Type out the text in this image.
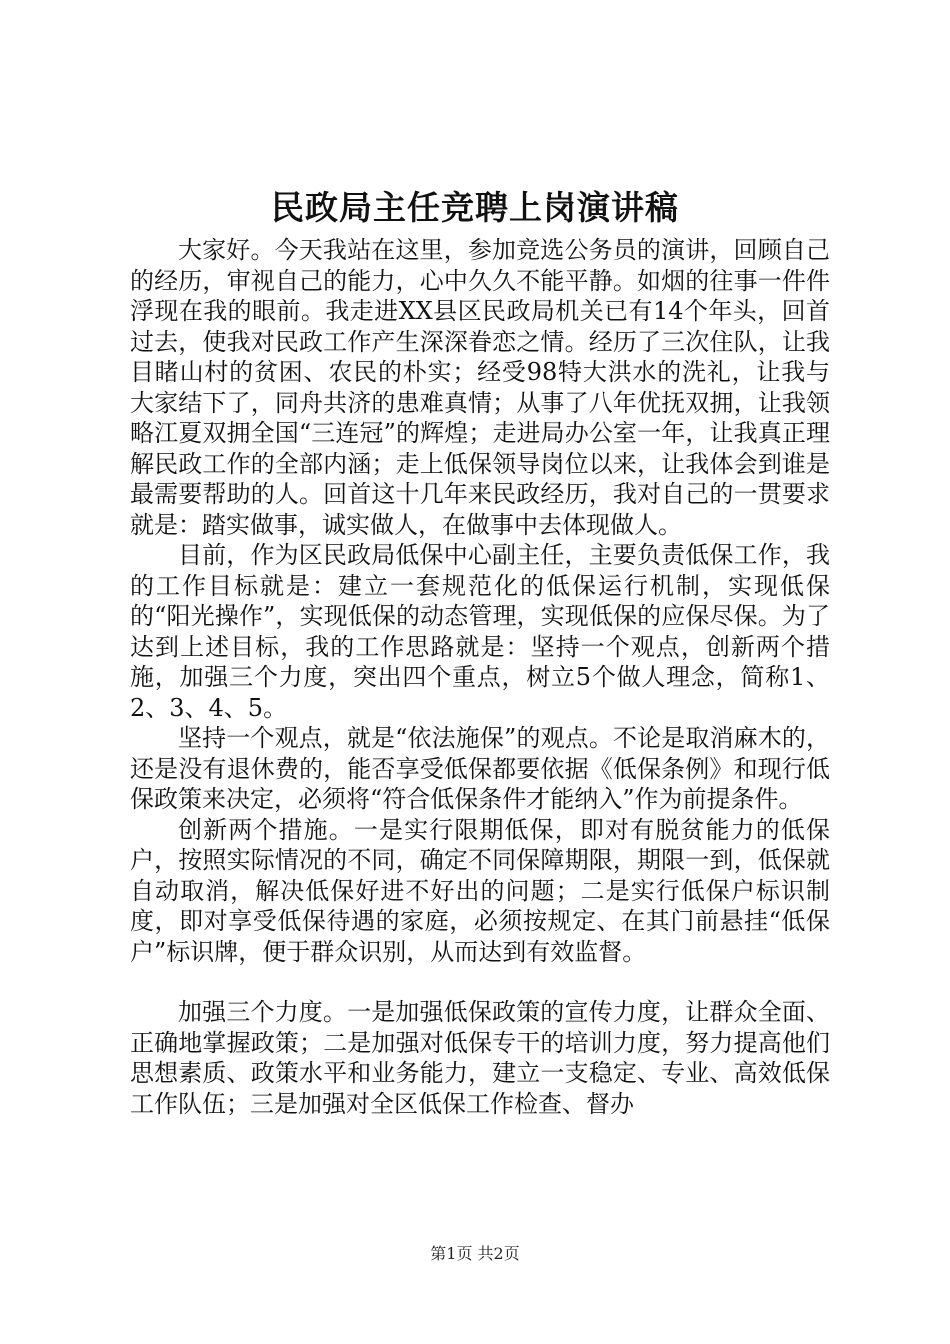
民政局主任竞聘上岗演讲稿

大家好。今天我站在这里，参加竞选公务员的演讲，回顾自己的经历，审视自己的能力，心中久久不能平静。如烟的往事一件件浮现在我的眼前。我走进XX县区民政局机关已有14个年头，回首过去，使我对民政工作产生深深眷恋之情。经历了三次住队，让我目睹山村的贫困、农民的朴实；经受98特大洪水的洗礼，让我与大家结下了，同舟共济的患难真情；从事了八年优抚双拥，让我领略江夏双拥全国“三连冠”的辉煌；走进局办公室一年，让我真正理解民政工作的全部内涵；走上低保领导岗位以来，让我体会到谁是最需要帮助的人。回首这十几年来民政经历，我对自己的一贯要求就是：踏实做事，诚实做人，在做事中去体现做人。

目前，作为区民政局低保中心副主任，主要负责低保工作，我的工作目标就是：建立一套规范化的低保运行机制，实现低保的“阳光操作”，实现低保的动态管理，实现低保的应保尽保。为了达到上述目标，我的工作思路就是：坚持一个观点，创新两个措施，加强三个力度，突出四个重点，树立5个做人理念，简称1、2、3、4、5。

坚持一个观点，就是“依法施保”的观点。不论是取消麻木的，还是没有退休费的，能否享受低保都要依据《低保条例》和现行低保政策来决定，必须将“符合低保条件才能纳入”作为前提条件。

创新两个措施。一是实行限期低保，即对有脱贫能力的低保户，按照实际情况的不同，确定不同保障期限，期限一到，低保就自动取消，解决低保好进不好出的问题；二是实行低保户标识制度，即对享受低保待遇的家庭，必须按规定、在其门前悬挂“低保户”标识牌，便于群众识别，从而达到有效监督。

加强三个力度。一是加强低保政策的宣传力度，让群众全面、正确地掌握政策；二是加强对低保专干的培训力度，努力提高他们思想素质、政策水平和业务能力，建立一支稳定、专业、高效低保工作队伍；三是加强对全区低保工作检查、督办

第1页 共2页
